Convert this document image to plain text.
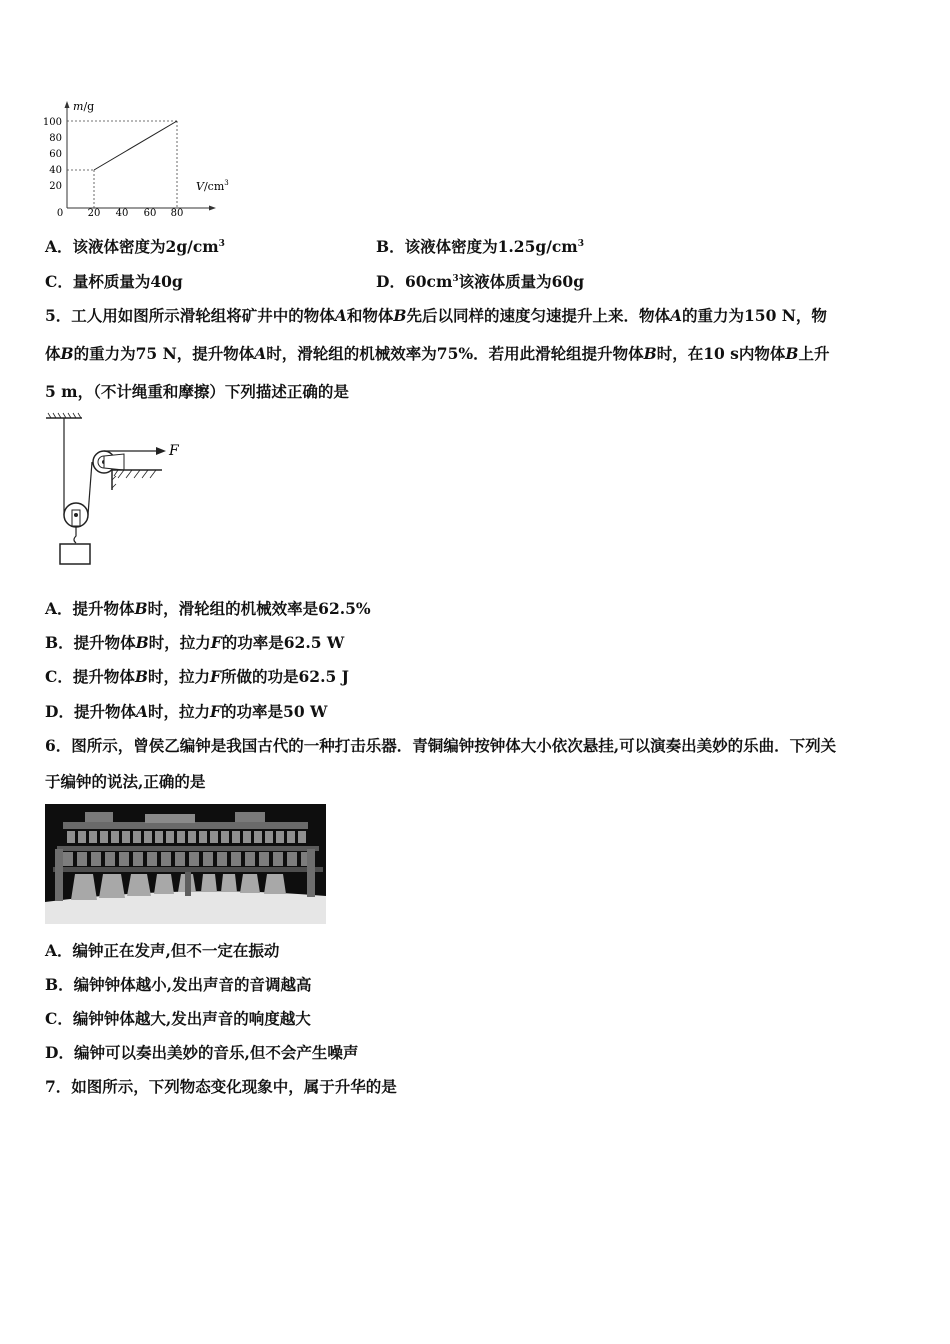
m/g
$V/cm^3$
100
80
60
40
20
0 20 40 60 80
A．该液体密度为$2g/cm^3$	B．该液体密度为$1.25g/cm^3$
C．量杯质量为40g	D．$60cm^3$该液体质量为60g
5．工人用如图所示滑轮组将矿井中的物体A和物体B先后以同样的速度匀速提升上来．物体A的重力为150 N，物
体B的重力为75 N，提升物体A时，滑轮组的机械效率为75%．若用此滑轮组提升物体B时，在10 s内物体B上升
5 m，（不计绳重和摩擦）下列描述正确的是
F
A．提升物体B时，滑轮组的机械效率是62.5%
B．提升物体B时，拉力F的功率是62.5 W
C．提升物体B时，拉力F所做的功是62.5 J
D．提升物体A时，拉力F的功率是50 W
6．图所示，曾侯乙编钟是我国古代的一种打击乐器．青铜编钟按钟体大小依次悬挂,可以演奏出美妙的乐曲．下列关
于编钟的说法,正确的是
A．编钟正在发声,但不一定在振动
B．编钟钟体越小,发出声音的音调越高
C．编钟钟体越大,发出声音的响度越大
D．编钟可以奏出美妙的音乐,但不会产生噪声
7．如图所示，下列物态变化现象中，属于升华的是
